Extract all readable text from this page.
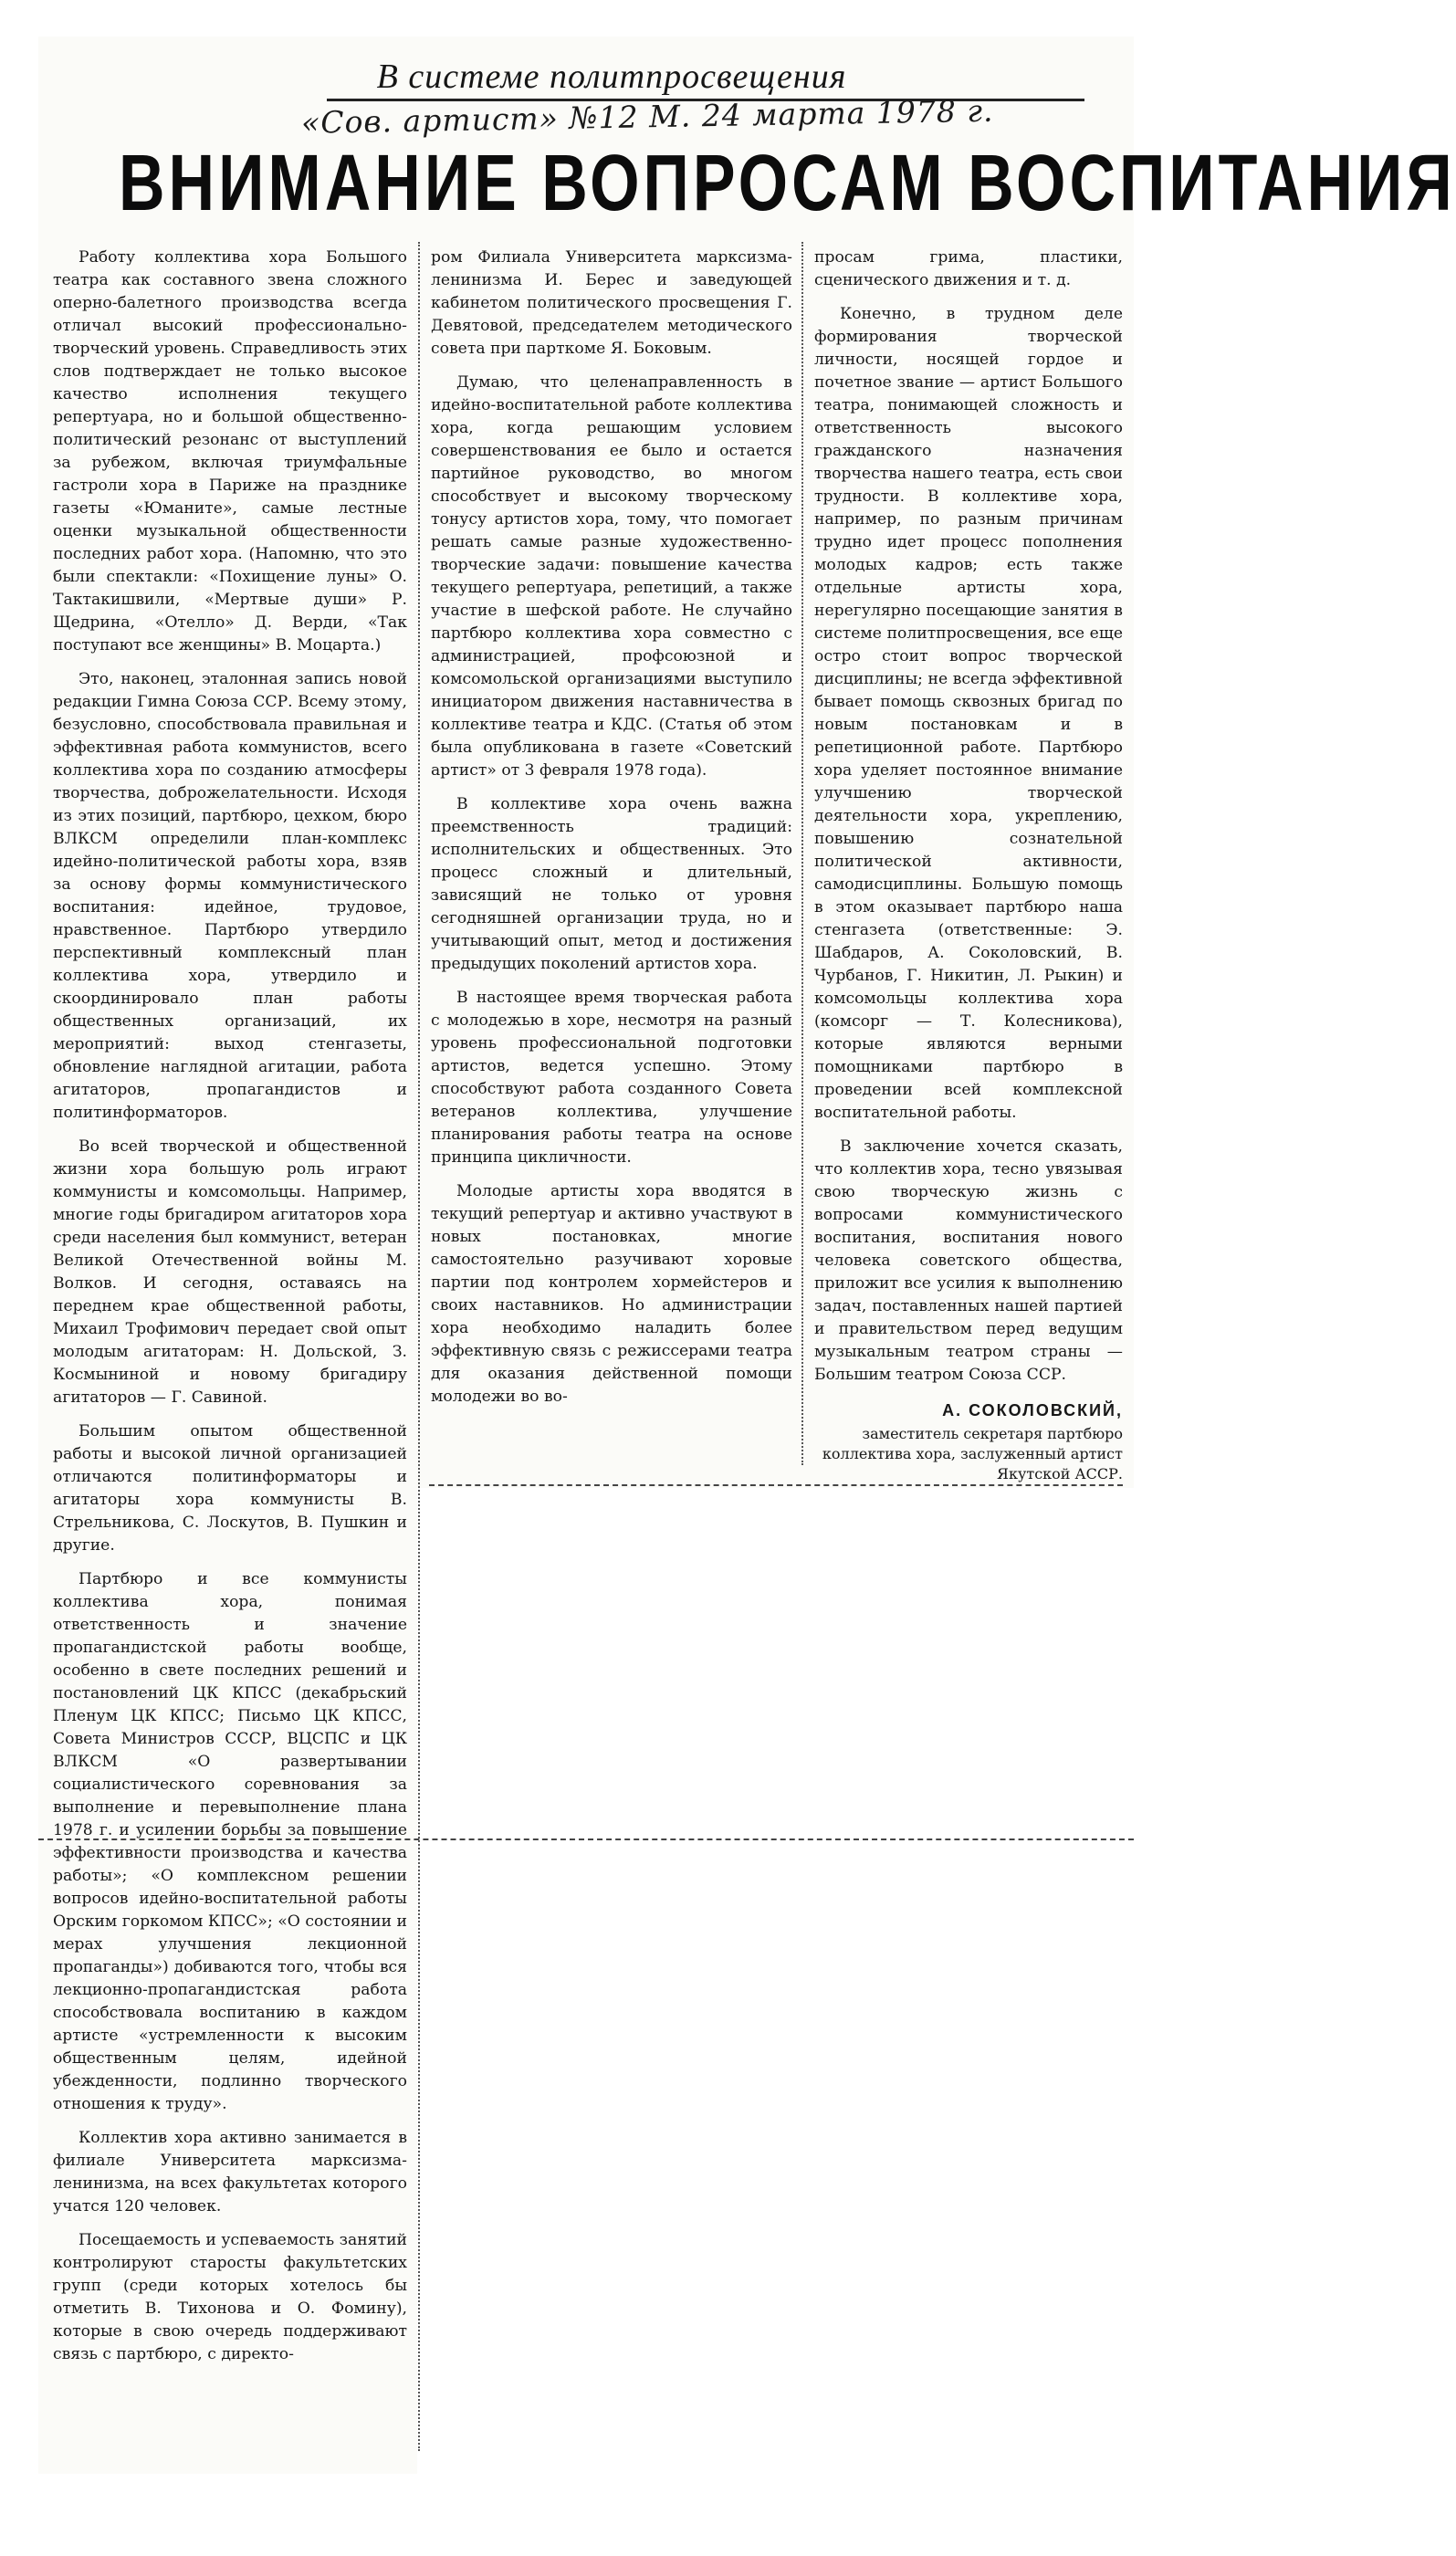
В системе политпросвещения
«Сов. артист» №12 М. 24 марта 1978 г.
ВНИМАНИЕ ВОПРОСАМ ВОСПИТАНИЯ

Работу коллектива хора Большого театра как составного звена сложного оперно-балетного производства всегда отличал высокий профессионально-творческий уровень. Справедливость этих слов подтверждает не только высокое качество исполнения текущего репертуара, но и большой общественно-политический резонанс от выступлений за рубежом, включая триумфальные гастроли хора в Париже на празднике газеты «Юманите», самые лестные оценки музыкальной общественности последних работ хора. (Напомню, что это были спектакли: «Похищение луны» О. Тактакишвили, «Мертвые души» Р. Щедрина, «Отелло» Д. Верди, «Так поступают все женщины» В. Моцарта.)

Это, наконец, эталонная запись новой редакции Гимна Союза ССР. Всему этому, безусловно, способствовала правильная и эффективная работа коммунистов, всего коллектива хора по созданию атмосферы творчества, доброжелательности. Исходя из этих позиций, партбюро, цехком, бюро ВЛКСМ определили план-комплекс идейно-политической работы хора, взяв за основу формы коммунистического воспитания: идейное, трудовое, нравственное. Партбюро утвердило перспективный комплексный план коллектива хора, утвердило и скоординировало план работы общественных организаций, их мероприятий: выход стенгазеты, обновление наглядной агитации, работа агитаторов, пропагандистов и политинформаторов.

Во всей творческой и общественной жизни хора большую роль играют коммунисты и комсомольцы. Например, многие годы бригадиром агитаторов хора среди населения был коммунист, ветеран Великой Отечественной войны М. Волков. И сегодня, оставаясь на переднем крае общественной работы, Михаил Трофимович передает свой опыт молодым агитаторам: Н. Дольской, З. Космыниной и новому бригадиру агитаторов — Г. Савиной.

Большим опытом общественной работы и высокой личной организацией отличаются политинформаторы и агитаторы хора коммунисты В. Стрельникова, С. Лоскутов, В. Пушкин и другие.

Партбюро и все коммунисты коллектива хора, понимая ответственность и значение пропагандистской работы вообще, особенно в свете последних решений и постановлений ЦК КПСС (декабрьский Пленум ЦК КПСС; Письмо ЦК КПСС, Совета Министров СССР, ВЦСПС и ЦК ВЛКСМ «О развертывании социалистического соревнования за выполнение и перевыполнение плана 1978 г. и усилении борьбы за повышение эффективности производства и качества работы»; «О комплексном решении вопросов идейно-воспитательной работы Орским горкомом КПСС»; «О состоянии и мерах улучшения лекционной пропаганды») добиваются того, чтобы вся лекционно-пропагандистская работа способствовала воспитанию в каждом артисте «устремленности к высоким общественным целям, идейной убежденности, подлинно творческого отношения к труду».

Коллектив хора активно занимается в филиале Университета марксизма-ленинизма, на всех факультетах которого учатся 120 человек.

Посещаемость и успеваемость занятий контролируют старосты факультетских групп (среди которых хотелось бы отметить В. Тихонова и О. Фомину), которые в свою очередь поддерживают связь с партбюро, с директо-

ром Филиала Университета марксизма-ленинизма И. Берес и заведующей кабинетом политического просвещения Г. Девятовой, председателем методического совета при парткоме Я. Боковым.

Думаю, что целенаправленность в идейно-воспитательной работе коллектива хора, когда решающим условием совершенствования ее было и остается партийное руководство, во многом способствует и высокому творческому тонусу артистов хора, тому, что помогает решать самые разные художественно-творческие задачи: повышение качества текущего репертуара, репетиций, а также участие в шефской работе. Не случайно партбюро коллектива хора совместно с администрацией, профсоюзной и комсомольской организациями выступило инициатором движения наставничества в коллективе театра и КДС. (Статья об этом была опубликована в газете «Советский артист» от 3 февраля 1978 года).

В коллективе хора очень важна преемственность традиций: исполнительских и общественных. Это процесс сложный и длительный, зависящий не только от уровня сегодняшней организации труда, но и учитывающий опыт, метод и достижения предыдущих поколений артистов хора.

В настоящее время творческая работа с молодежью в хоре, несмотря на разный уровень профессиональной подготовки артистов, ведется успешно. Этому способствуют работа созданного Совета ветеранов коллектива, улучшение планирования работы театра на основе принципа цикличности.

Молодые артисты хора вводятся в текущий репертуар и активно участвуют в новых постановках, многие самостоятельно разучивают хоровые партии под контролем хормейстеров и своих наставников. Но администрации хора необходимо наладить более эффективную связь с режиссерами театра для оказания действенной помощи молодежи во во-

просам грима, пластики, сценического движения и т. д.

Конечно, в трудном деле формирования творческой личности, носящей гордое и почетное звание — артист Большого театра, понимающей сложность и ответственность высокого гражданского назначения творчества нашего театра, есть свои трудности. В коллективе хора, например, по разным причинам трудно идет процесс пополнения молодых кадров; есть также отдельные артисты хора, нерегулярно посещающие занятия в системе политпросвещения, все еще остро стоит вопрос творческой дисциплины; не всегда эффективной бывает помощь сквозных бригад по новым постановкам и в репетиционной работе. Партбюро хора уделяет постоянное внимание улучшению творческой деятельности хора, укреплению, повышению сознательной политической активности, самодисциплины. Большую помощь в этом оказывает партбюро наша стенгазета (ответственные: Э. Шабдаров, А. Соколовский, В. Чурбанов, Г. Никитин, Л. Рыкин) и комсомольцы коллектива хора (комсорг — Т. Колесникова), которые являются верными помощниками партбюро в проведении всей комплексной воспитательной работы.

В заключение хочется сказать, что коллектив хора, тесно увязывая свою творческую жизнь с вопросами коммунистического воспитания, воспитания нового человека советского общества, приложит все усилия к выполнению задач, поставленных нашей партией и правительством перед ведущим музыкальным театром страны — Большим театром Союза ССР.

А. СОКОЛОВСКИЙ,

заместитель секретаря партбюро коллектива хора, заслуженный артист Якутской АССР.
